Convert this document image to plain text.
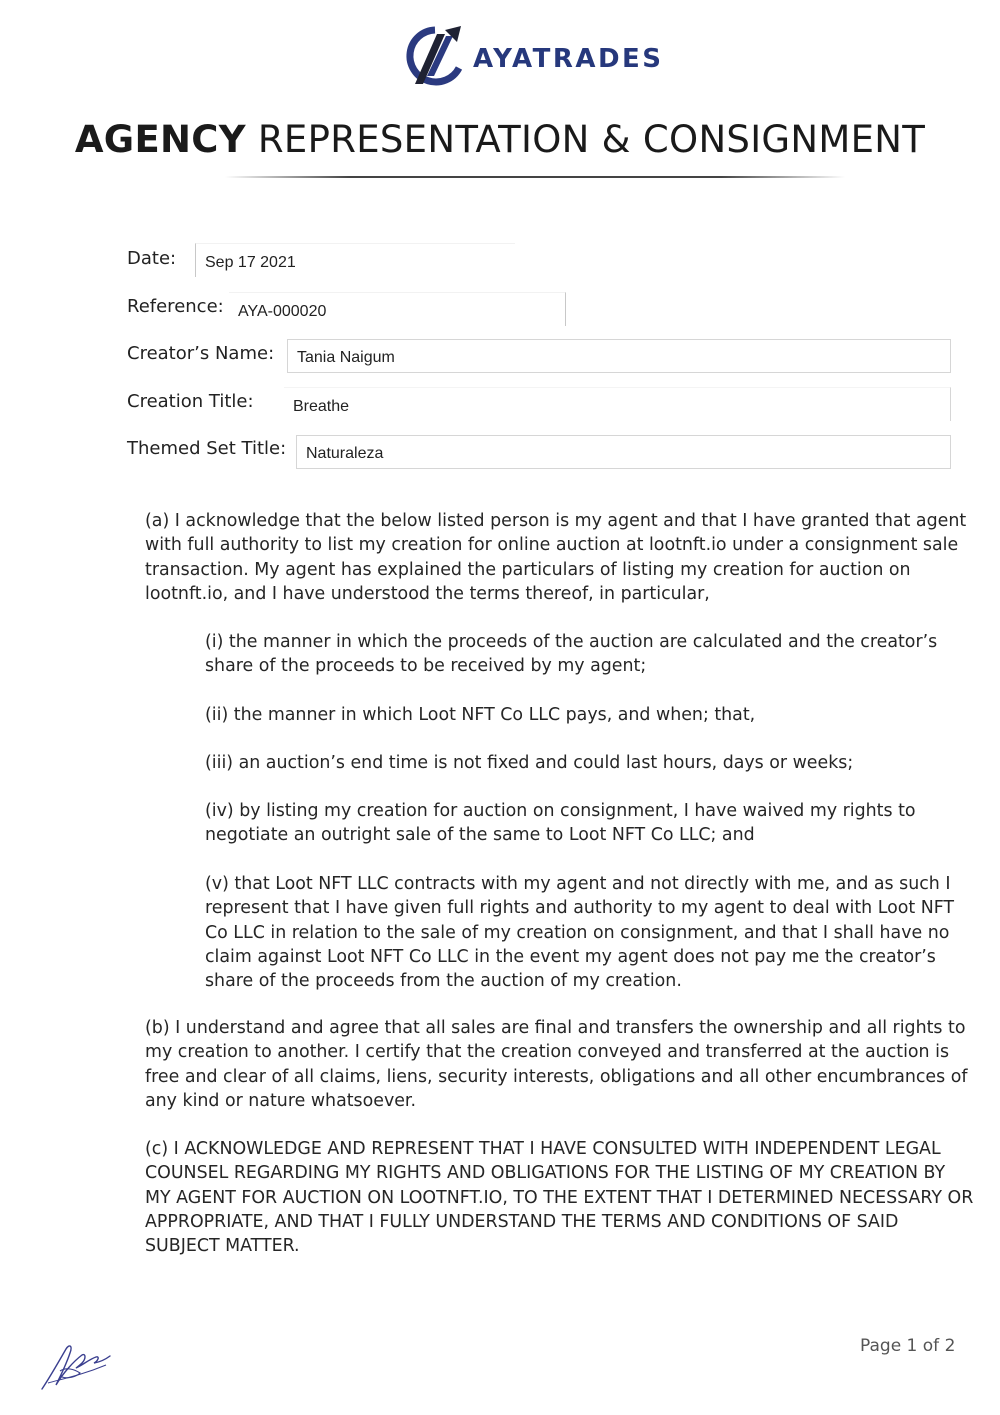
AYATRADES
AGENCY REPRESENTATION & CONSIGNMENT
Date: Sep 17 2021
Reference: AYA-000020
Creator’s Name: Tania Naigum
Creation Title: Breathe
Themed Set Title: Naturaleza

(a) I acknowledge that the below listed person is my agent and that I have granted that agent with full authority to list my creation for online auction at lootnft.io under a consignment sale transaction. My agent has explained the particulars of listing my creation for auction on lootnft.io, and I have understood the terms thereof, in particular,

(i) the manner in which the proceeds of the auction are calculated and the creator’s share of the proceeds to be received by my agent;

(ii) the manner in which Loot NFT Co LLC pays, and when; that,

(iii) an auction’s end time is not fixed and could last hours, days or weeks;

(iv) by listing my creation for auction on consignment, I have waived my rights to negotiate an outright sale of the same to Loot NFT Co LLC; and

(v) that Loot NFT LLC contracts with my agent and not directly with me, and as such I represent that I have given full rights and authority to my agent to deal with Loot NFT Co LLC in relation to the sale of my creation on consignment, and that I shall have no claim against Loot NFT Co LLC in the event my agent does not pay me the creator’s share of the proceeds from the auction of my creation.

(b) I understand and agree that all sales are final and transfers the ownership and all rights to my creation to another. I certify that the creation conveyed and transferred at the auction is free and clear of all claims, liens, security interests, obligations and all other encumbrances of any kind or nature whatsoever.

(c) I ACKNOWLEDGE AND REPRESENT THAT I HAVE CONSULTED WITH INDEPENDENT LEGAL COUNSEL REGARDING MY RIGHTS AND OBLIGATIONS FOR THE LISTING OF MY CREATION BY MY AGENT FOR AUCTION ON LOOTNFT.IO, TO THE EXTENT THAT I DETERMINED NECESSARY OR APPROPRIATE, AND THAT I FULLY UNDERSTAND THE TERMS AND CONDITIONS OF SAID SUBJECT MATTER.

Page 1 of 2
